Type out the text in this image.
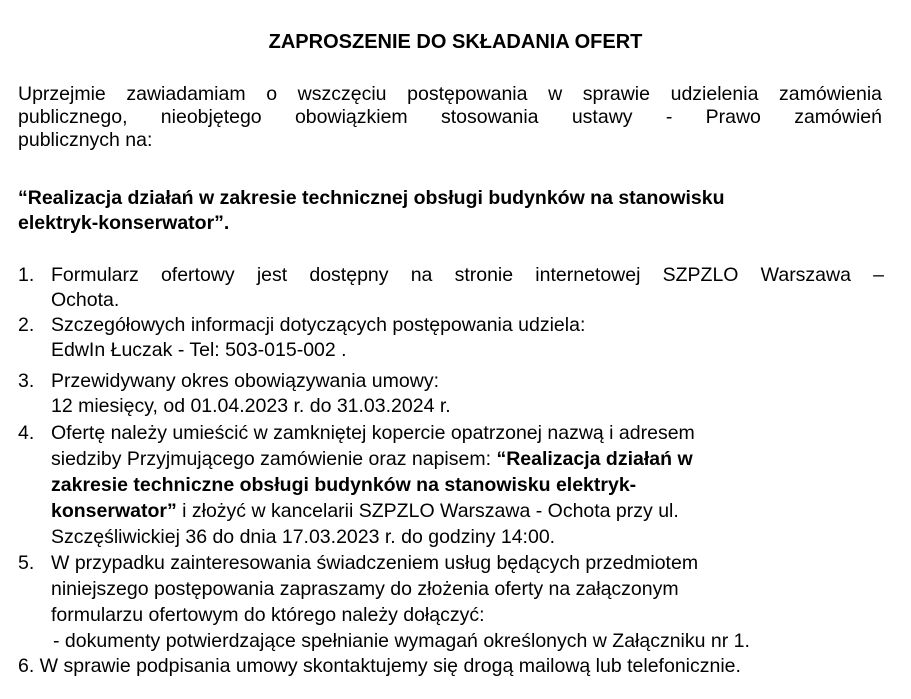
ZAPROSZENIE DO SKŁADANIA OFERT
Uprzejmie zawiadamiam o wszczęciu postępowania w sprawie udzielenia zamówienia
publicznego, nieobjętego obowiązkiem stosowania ustawy - Prawo zamówień
publicznych na:
“Realizacja działań w zakresie technicznej obsługi budynków na stanowisku
elektryk-konserwator”.
1. Formularz ofertowy jest dostępny na stronie internetowej SZPZLO Warszawa –
Ochota.
2. Szczegółowych informacji dotyczących postępowania udziela:
EdwIn Łuczak - Tel: 503-015-002 .
3. Przewidywany okres obowiązywania umowy:
12 miesięcy, od 01.04.2023 r. do 31.03.2024 r.
4. Ofertę należy umieścić w zamkniętej kopercie opatrzonej nazwą i adresem
siedziby Przyjmującego zamówienie oraz napisem: “Realizacja działań w
zakresie techniczne obsługi budynków na stanowisku elektryk-
konserwator” i złożyć w kancelarii SZPZLO Warszawa - Ochota przy ul.
Szczęśliwickiej 36 do dnia 17.03.2023 r. do godziny 14:00.
5. W przypadku zainteresowania świadczeniem usług będących przedmiotem
niniejszego postępowania zapraszamy do złożenia oferty na załączonym
formularzu ofertowym do którego należy dołączyć:
- dokumenty potwierdzające spełnianie wymagań określonych w Załączniku nr 1.
6. W sprawie podpisania umowy skontaktujemy się drogą mailową lub telefonicznie.
